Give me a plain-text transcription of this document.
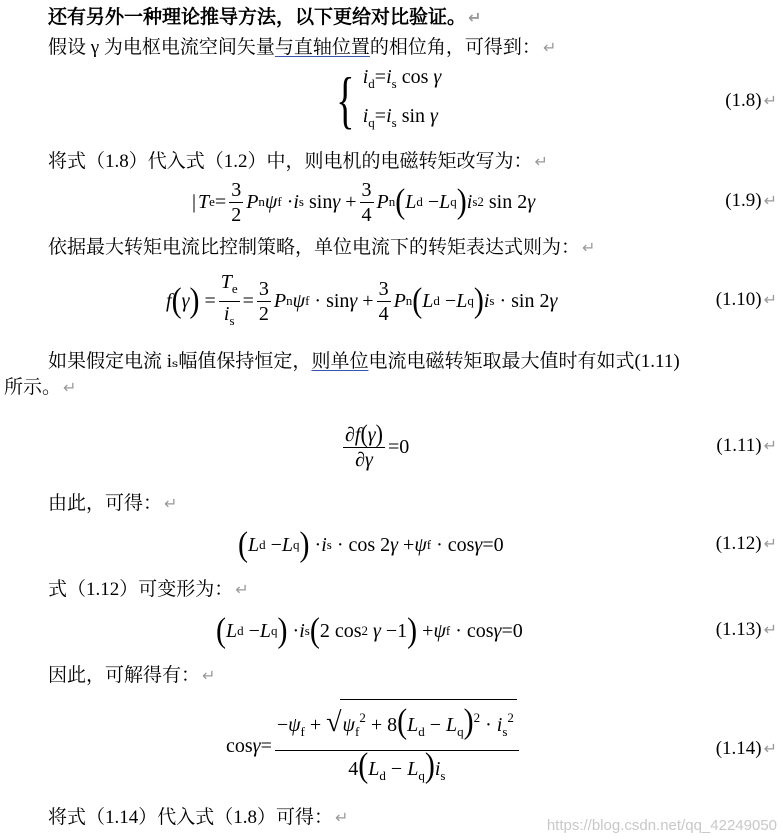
还有另外一种理论推导方法，以下更给对比验证。 ↵
假设 γ 为电枢电流空间矢量与直轴位置的相位角，可得到： ↵
{ $i_d=i_s$ cos γ
$i_q=i_s$ sin γ
(1.8) ↵
将式（1.8）代入式（1.2）中，则电机的电磁转矩改写为： ↵
| T $e = \frac{3}{2}$ P n ψ f · i s $\sin \gamma + \frac{3}{4}$ P n ( L d − L q ) i s 2 sin 2 γ	(1.9) ↵
依据最大转矩电流比控制策略，单位电流下的转矩表达式则为： ↵
f ( γ ) = $\frac{T_e}{i_s} = \frac{3}{2}$ P n ψ $f \cdot \sin \gamma + \frac{3}{4}$ P n ( L d − L q ) i s · sin 2 γ	(1.10) ↵
如果假定电流 iₛ幅值保持恒定，则单位电流电磁转矩取最大值时有如式(1.11)
所示。 ↵
$\frac{\partial f(\gamma)}{\partial\gamma} =0$	(1.11) ↵
由此，可得： ↵
( L d − L q ) · i s · cos 2 γ + ψ f · cos γ =0	(1.12) ↵
式（1.12）可变形为： ↵
( L d − L q ) · i s ( 2 cos 2
γ −1 ) + ψ f · cos γ =0	(1.13) ↵
因此，可解得有： ↵
$\cos \gamma = \frac{-\psi_f + √\psi_f^2 + 8(L_d - L_q)^2 \cdot i_s^2}{4(L_d - L_q)i_s}$	(1.14) ↵
将式（1.14）代入式（1.8）可得： ↵	https://blog.csdn.net/qq_42249050
